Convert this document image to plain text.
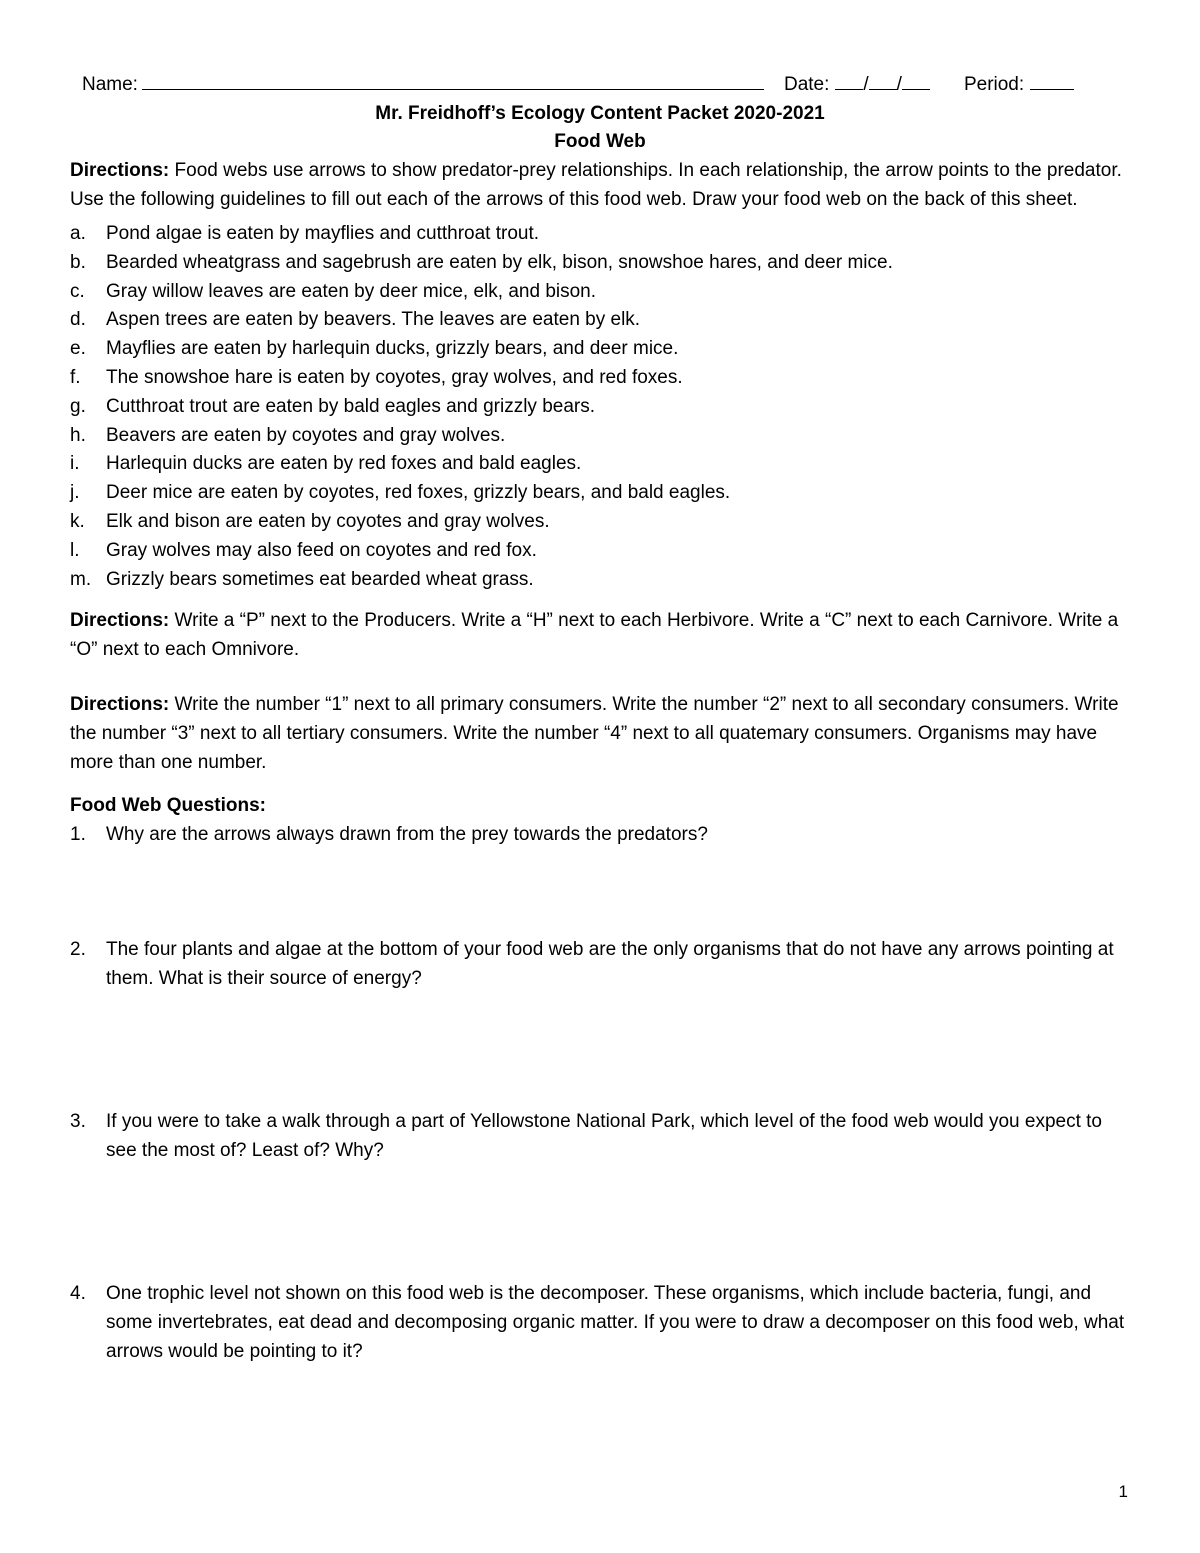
Name:	Date: / /	Period:
Mr. Freidhoff’s Ecology Content Packet 2020-2021
Food Web

Directions: Food webs use arrows to show predator-prey relationships. In each relationship, the arrow points to the predator. Use the following guidelines to fill out each of the arrows of this food web. Draw your food web on the back of this sheet.

a.	Pond algae is eaten by mayflies and cutthroat trout.
b.	Bearded wheatgrass and sagebrush are eaten by elk, bison, snowshoe hares, and deer mice.
c.	Gray willow leaves are eaten by deer mice, elk, and bison.
d.	Aspen trees are eaten by beavers. The leaves are eaten by elk.
e.	Mayflies are eaten by harlequin ducks, grizzly bears, and deer mice.
f.	The snowshoe hare is eaten by coyotes, gray wolves, and red foxes.
g.	Cutthroat trout are eaten by bald eagles and grizzly bears.
h.	Beavers are eaten by coyotes and gray wolves.
i.	Harlequin ducks are eaten by red foxes and bald eagles.
j.	Deer mice are eaten by coyotes, red foxes, grizzly bears, and bald eagles.
k.	Elk and bison are eaten by coyotes and gray wolves.
l.	Gray wolves may also feed on coyotes and red fox.
m. Grizzly bears sometimes eat bearded wheat grass.

Directions: Write a “P” next to the Producers. Write a “H” next to each Herbivore. Write a “C” next to each Carnivore. Write a “O” next to each Omnivore.

Directions: Write the number “1” next to all primary consumers. Write the number “2” next to all secondary consumers. Write the number “3” next to all tertiary consumers. Write the number “4” next to all quatemary consumers. Organisms may have more than one number.

Food Web Questions:
1.	Why are the arrows always drawn from the prey towards the predators?
2.	The four plants and algae at the bottom of your food web are the only organisms that do not have any arrows pointing at them. What is their source of energy?
3.	If you were to take a walk through a part of Yellowstone National Park, which level of the food web would you expect to see the most of? Least of? Why?
4.	One trophic level not shown on this food web is the decomposer. These organisms, which include bacteria, fungi, and some invertebrates, eat dead and decomposing organic matter. If you were to draw a decomposer on this food web, what arrows would be pointing to it?
1
